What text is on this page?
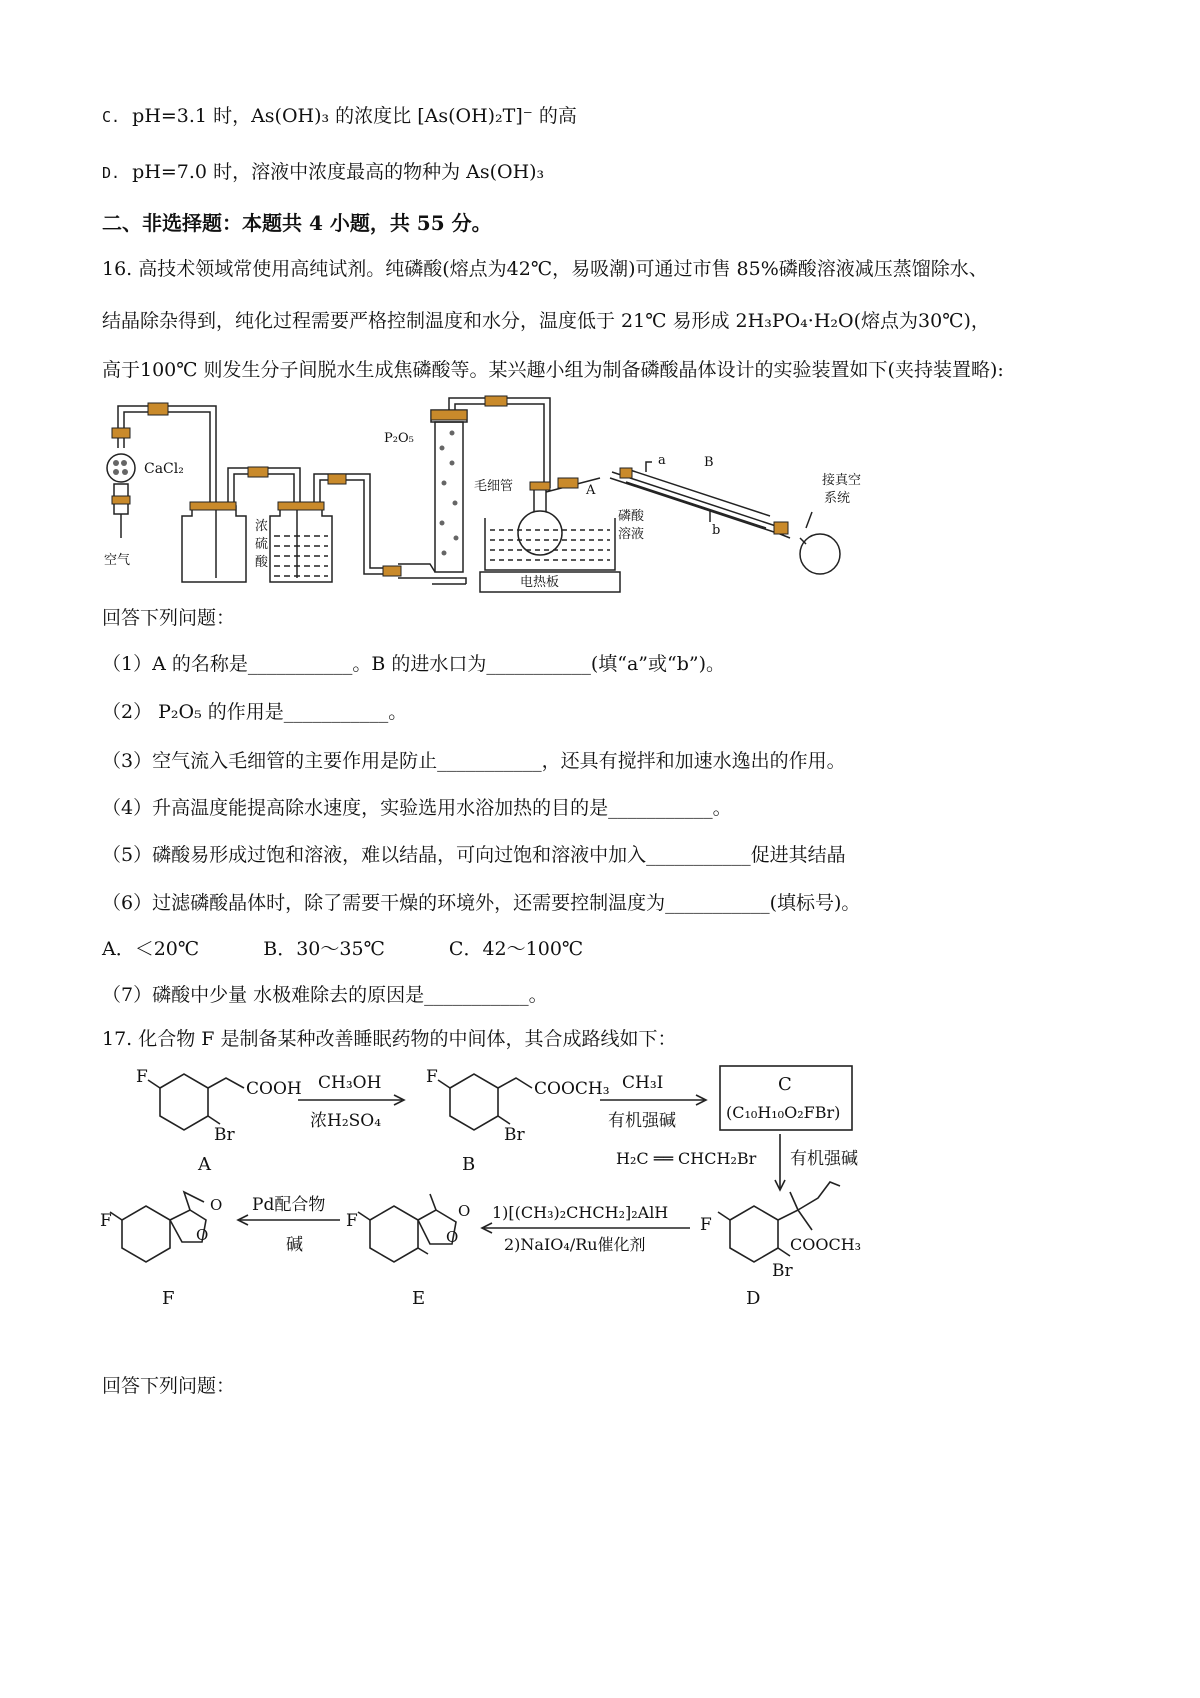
C. pH=3.1 时，As(OH)₃ 的浓度比 [As(OH)₂T]⁻ 的高
D. pH=7.0 时，溶液中浓度最高的物种为 As(OH)₃
二、非选择题：本题共 4 小题，共 55 分。
16. 高技术领域常使用高纯试剂。纯磷酸(熔点为42℃，易吸潮)可通过市售 85%磷酸溶液减压蒸馏除水、
结晶除杂得到，纯化过程需要严格控制温度和水分，温度低于 21℃ 易形成 2H₃PO₄·H₂O(熔点为30℃)，
高于100℃ 则发生分子间脱水生成焦磷酸等。某兴趣小组为制备磷酸晶体设计的实验装置如下(夹持装置略):
CaCl₂
空气
浓
硫
酸
P₂O₅
毛细管	A
磷酸
溶液
电热板
a
b
B
接真空
系统
回答下列问题：
（1）A 的名称是___________。B 的进水口为___________(填“a”或“b”)。
（2） P₂O₅ 的作用是___________。
（3）空气流入毛细管的主要作用是防止___________，还具有搅拌和加速水逸出的作用。
（4）升高温度能提高除水速度，实验选用水浴加热的目的是___________。
（5）磷酸易形成过饱和溶液，难以结晶，可向过饱和溶液中加入___________促进其结晶
（6）过滤磷酸晶体时，除了需要干燥的环境外，还需要控制温度为___________(填标号)。
A．＜20℃	B．30～35℃	C．42～100℃
（7）磷酸中少量 水极难除去的原因是___________。
17. 化合物 F 是制备某种改善睡眠药物的中间体，其合成路线如下：
F
COOH
Br
A
CH₃OH
浓H₂SO₄
F
COOCH₃
Br
B
CH₃I
有机强碱
C
(C₁₀H₁₀O₂FBr)
H₂C ══ CHCH₂Br 有机强碱
F
COOCH₃
Br
D
1)[(CH₃)₂CHCH₂]₂AlH
2)NaIO₄/Ru催化剂
F
O
O
E
Pd配合物
碱
F
O
O
F
回答下列问题：
